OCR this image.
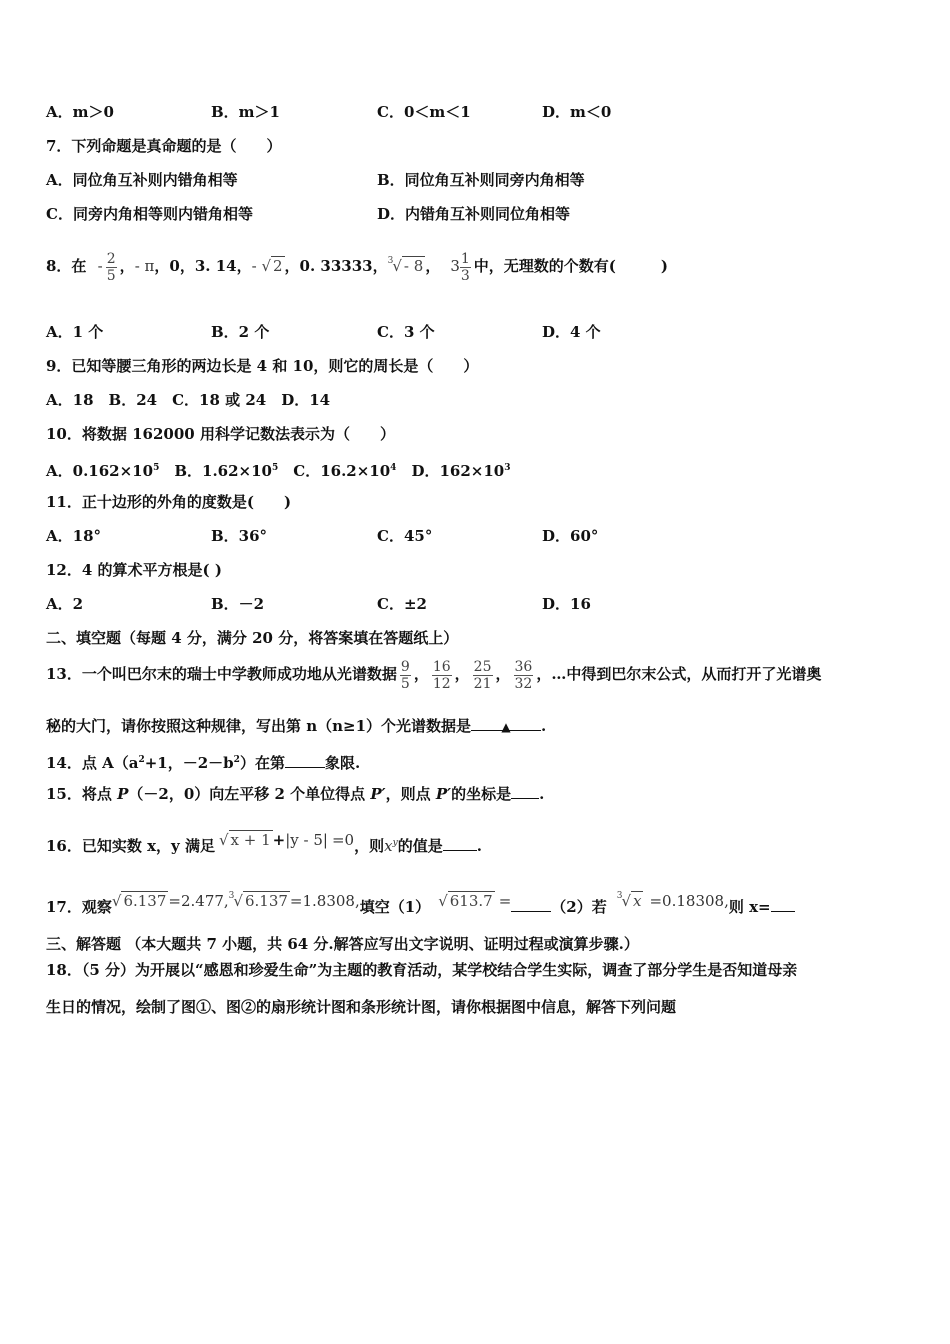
A．m＞0	B．m＞1	C．0＜m＜1	D．m＜0
7．下列命题是真命题的是（　　）
A．同位角互补则内错角相等	B．同位角互补则同旁内角相等
C．同旁内角相等则内错角相等	D．内错角互补则同位角相等
8．在 - $\frac{2}{5}$ ，- π，0，3. 14，- √ 2 ，0. 33333，$^3$√ - 8 ， $3 \frac{1}{3}$ 中，无理数的个数有(　　　)
A．1 个	B．2 个	C．3 个	D．4 个
9．已知等腰三角形的两边长是 4 和 10，则它的周长是（　　）
A．18　B．24　C．18 或 24　D．14
10．将数据 162000 用科学记数法表示为（　　）
A．$0.162\times 10^5$　B．$1.62\times 10^5$　C．$16.2\times 10^4$　D．$162\times 10^3$
11．正十边形的外角的度数是(　　)
A．18°	B．36°	C．45°	D．60°
12．4 的算术平方根是( )
A．2	B．－2	C．±2	D．16
二、填空题（每题 4 分，满分 20 分，将答案填在答题纸上）
13．一个叫巴尔末的瑞士中学教师成功地从光谱数据 $\frac{9}{5}$ ， $\frac{16}{12}$ ， $\frac{25}{21}$ ， $\frac{36}{32}$ ，…中得到巴尔末公式，从而打开了光谱奥
秘的大门，请你按照这种规律，写出第 n（n≥1）个光谱数据是	▲ .
14．点 $A(a^2+1$，$-2-b^2$）在第	象限.
15．将点 P（－2，0）向左平移 2 个单位得点 P′，则点 P′的坐标是 .
16．已知实数 x，y 满足 √ x + 1 +|y - 5| =0，则$x^y$的值是 .
17．观察√ 6.137 =2.477,$^3$√ 6.137 =1.8308,填空（1） √ 613.7 =	（2）若$^3$√ x =0.18308,则 x=
三、解答题 （本大题共 7 小题，共 64 分.解答应写出文字说明、证明过程或演算步骤.）
18．（5 分）为开展以“感恩和珍爱生命”为主题的教育活动，某学校结合学生实际，调查了部分学生是否知道母亲
生日的情况，绘制了图①、图②的扇形统计图和条形统计图，请你根据图中信息，解答下列问题
